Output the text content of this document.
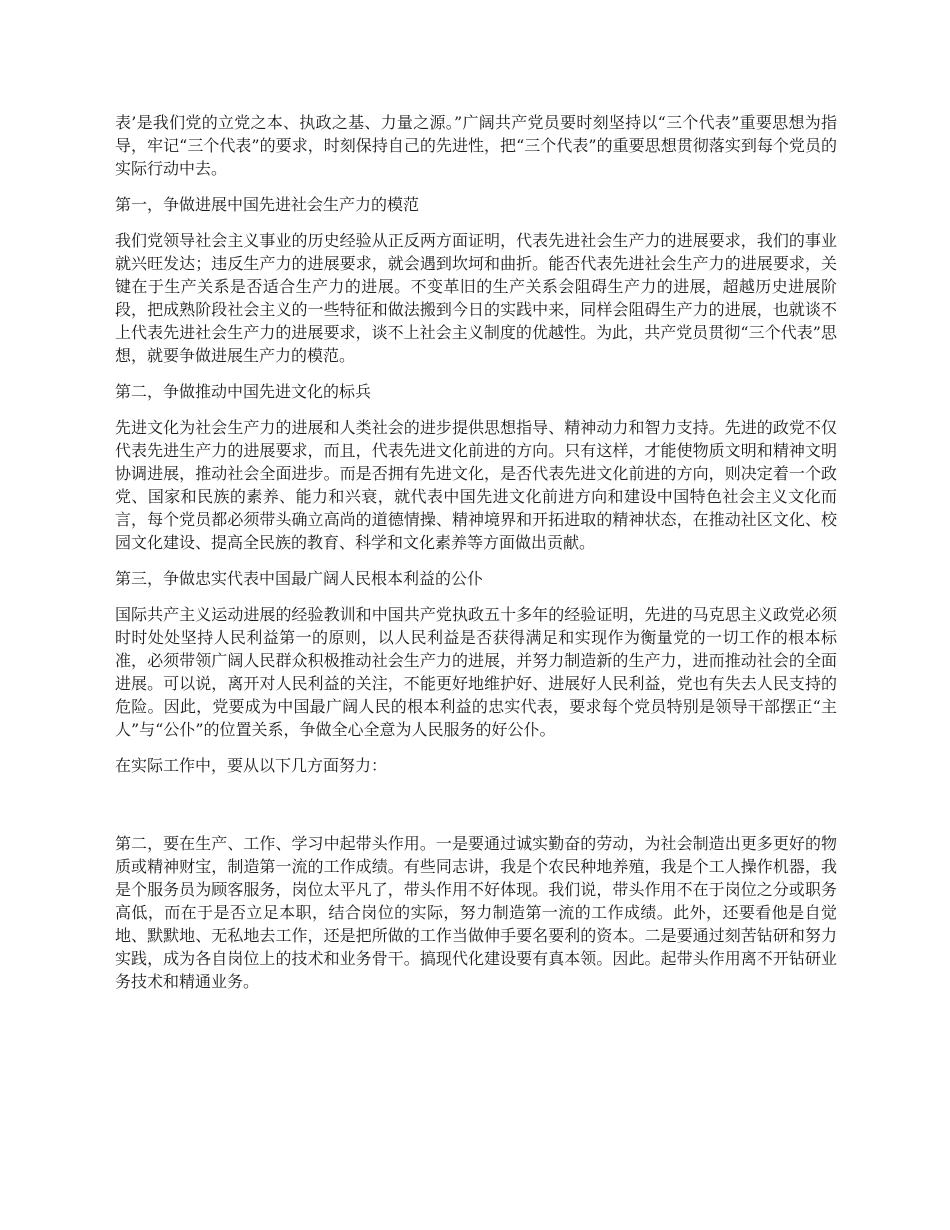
表’是我们党的立党之本、执政之基、力量之源。”广阔共产党员要时刻坚持以“三个代表”重要思想为指导，牢记“三个代表”的要求，时刻保持自己的先进性，把“三个代表”的重要思想贯彻落实到每个党员的实际行动中去。

第一，争做进展中国先进社会生产力的模范

我们党领导社会主义事业的历史经验从正反两方面证明，代表先进社会生产力的进展要求，我们的事业就兴旺发达；违反生产力的进展要求，就会遇到坎坷和曲折。能否代表先进社会生产力的进展要求，关键在于生产关系是否适合生产力的进展。不变革旧的生产关系会阻碍生产力的进展，超越历史进展阶段，把成熟阶段社会主义的一些特征和做法搬到今日的实践中来，同样会阻碍生产力的进展，也就谈不上代表先进社会生产力的进展要求，谈不上社会主义制度的优越性。为此，共产党员贯彻“三个代表”思想，就要争做进展生产力的模范。

第二，争做推动中国先进文化的标兵

先进文化为社会生产力的进展和人类社会的进步提供思想指导、精神动力和智力支持。先进的政党不仅代表先进生产力的进展要求，而且，代表先进文化前进的方向。只有这样，才能使物质文明和精神文明协调进展，推动社会全面进步。而是否拥有先进文化，是否代表先进文化前进的方向，则决定着一个政党、国家和民族的素养、能力和兴衰，就代表中国先进文化前进方向和建设中国特色社会主义文化而言，每个党员都必须带头确立高尚的道德情操、精神境界和开拓进取的精神状态，在推动社区文化、校园文化建设、提高全民族的教育、科学和文化素养等方面做出贡献。

第三，争做忠实代表中国最广阔人民根本利益的公仆

国际共产主义运动进展的经验教训和中国共产党执政五十多年的经验证明，先进的马克思主义政党必须时时处处坚持人民利益第一的原则，以人民利益是否获得满足和实现作为衡量党的一切工作的根本标准，必须带领广阔人民群众积极推动社会生产力的进展，并努力制造新的生产力，进而推动社会的全面进展。可以说，离开对人民利益的关注，不能更好地维护好、进展好人民利益，党也有失去人民支持的危险。因此，党要成为中国最广阔人民的根本利益的忠实代表，要求每个党员特别是领导干部摆正“主人”与“公仆”的位置关系，争做全心全意为人民服务的好公仆。

在实际工作中，要从以下几方面努力：

第二，要在生产、工作、学习中起带头作用。一是要通过诚实勤奋的劳动，为社会制造出更多更好的物质或精神财宝，制造第一流的工作成绩。有些同志讲，我是个农民种地养殖，我是个工人操作机器，我是个服务员为顾客服务，岗位太平凡了，带头作用不好体现。我们说，带头作用不在于岗位之分或职务高低，而在于是否立足本职，结合岗位的实际，努力制造第一流的工作成绩。此外，还要看他是自觉地、默默地、无私地去工作，还是把所做的工作当做伸手要名要利的资本。二是要通过刻苦钻研和努力实践，成为各自岗位上的技术和业务骨干。搞现代化建设要有真本领。因此。起带头作用离不开钻研业务技术和精通业务。
